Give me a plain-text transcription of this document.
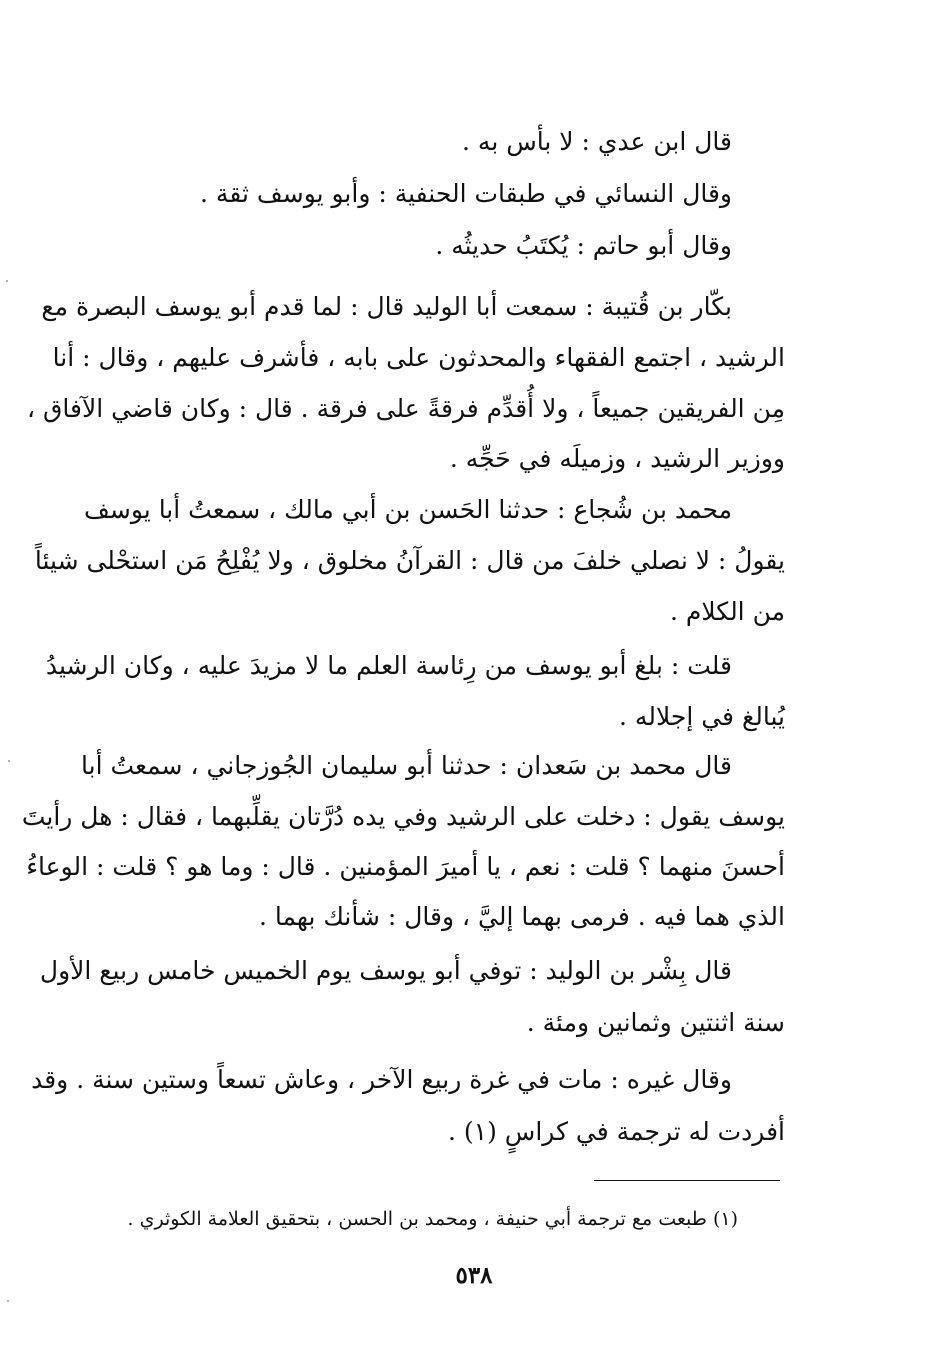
قال ابن عدي : لا بأس به .
وقال النسائي في طبقات الحنفية : وأبو يوسف ثقة .
وقال أبو حاتم : يُكتَبُ حديثُه .
بكّار بن قُتيبة : سمعت أبا الوليد قال : لما قدم أبو يوسف البصرة مع
الرشيد ، اجتمع الفقهاء والمحدثون على بابه ، فأشرف عليهم ، وقال : أنا
مِن الفريقين جميعاً ، ولا أُقدِّم فرقةً على فرقة . قال : وكان قاضي الآفاق ،
ووزير الرشيد ، وزميلَه في حَجِّه .
محمد بن شُجاع : حدثنا الحَسن بن أبي مالك ، سمعتُ أبا يوسف
يقولُ : لا نصلي خلفَ من قال : القرآنُ مخلوق ، ولا يُفْلِحُ مَن استحْلى شيئاً
من الكلام .
قلت : بلغ أبو يوسف من رِئاسة العلم ما لا مزيدَ عليه ، وكان الرشيدُ
يُبالغ في إجلاله .
قال محمد بن سَعدان : حدثنا أبو سليمان الجُوزجاني ، سمعتُ أبا
يوسف يقول : دخلت على الرشيد وفي يده دُرَّتان يقلِّبهما ، فقال : هل رأيتَ
أحسنَ منهما ؟ قلت : نعم ، يا أميرَ المؤمنين . قال : وما هو ؟ قلت : الوعاءُ
الذي هما فيه . فرمى بهما إليَّ ، وقال : شأنك بهما .
قال بِشْر بن الوليد : توفي أبو يوسف يوم الخميس خامس ربيع الأول
سنة اثنتين وثمانين ومئة .
وقال غيره : مات في غرة ربيع الآخر ، وعاش تسعاً وستين سنة . وقد
أفردت له ترجمة في كراسٍ (١) .
(١) طبعت مع ترجمة أبي حنيفة ، ومحمد بن الحسن ، بتحقيق العلامة الكوثري .
٥٣٨
